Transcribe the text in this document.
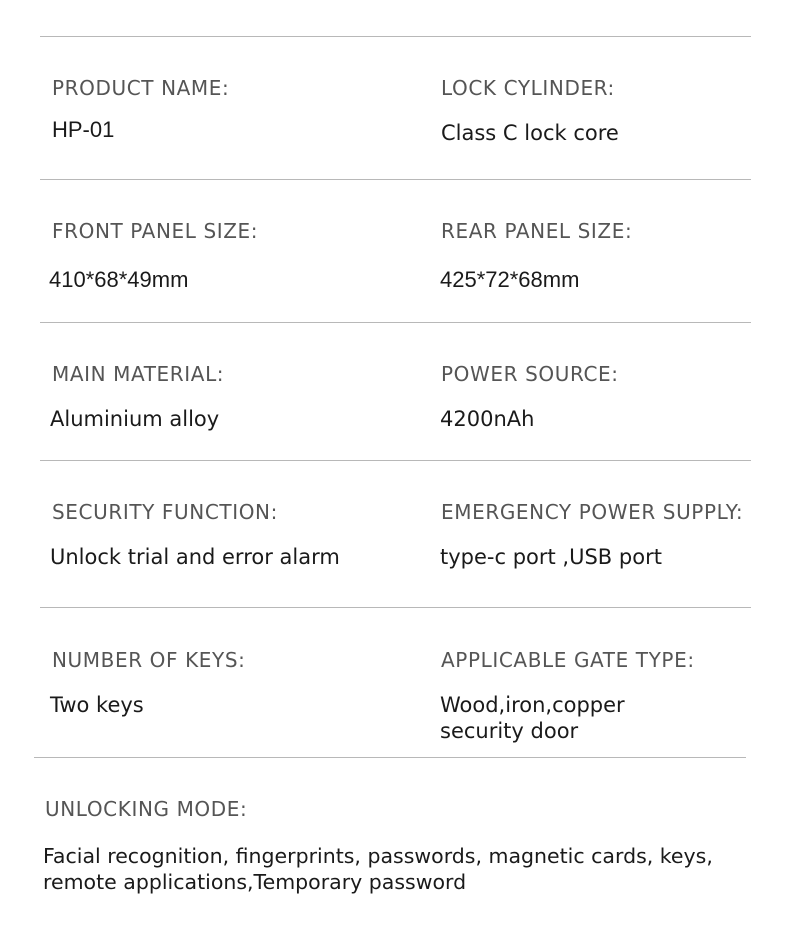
PRODUCT NAME:
HP-01
LOCK CYLINDER:
Class C lock core
FRONT PANEL SIZE:
410*68*49mm
REAR PANEL SIZE:
425*72*68mm
MAIN MATERIAL:
Aluminium alloy
POWER SOURCE:
4200nAh
SECURITY FUNCTION:
Unlock trial and error alarm
EMERGENCY POWER SUPPLY:
type-c port ,USB port
NUMBER OF KEYS:
Two keys
APPLICABLE GATE TYPE:
Wood,iron,copper
security door
UNLOCKING MODE:
Facial recognition, fingerprints, passwords, magnetic cards, keys,
remote applications,Temporary password
